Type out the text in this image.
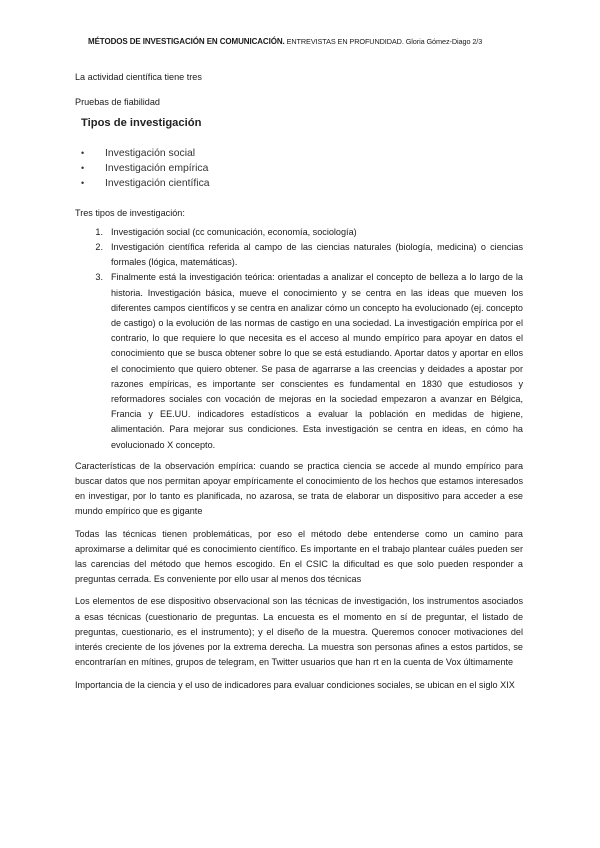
MÉTODOS DE INVESTIGACIÓN EN COMUNICACIÓN. ENTREVISTAS EN PROFUNDIDAD. Gloria Gómez-Diago 2/3

La actividad científica tiene tres

Pruebas de fiabilidad

Tipos de investigación
•	Investigación social
•	Investigación empírica
•	Investigación científica

Tres tipos de investigación:

1. Investigación social (cc comunicación, economía, sociología)
2. Investigación científica referida al campo de las ciencias naturales (biología, medicina) o ciencias formales (lógica, matemáticas).
3. Finalmente está la investigación teórica: orientadas a analizar el concepto de belleza a lo largo de la historia. Investigación básica, mueve el conocimiento y se centra en las ideas que mueven los diferentes campos científicos y se centra en analizar cómo un concepto ha evolucionado (ej. concepto de castigo) o la evolución de las normas de castigo en una sociedad. La investigación empírica por el contrario, lo que requiere lo que necesita es el acceso al mundo empírico para apoyar en datos el conocimiento que se busca obtener sobre lo que se está estudiando. Aportar datos y aportar en ellos el conocimiento que quiero obtener. Se pasa de agarrarse a las creencias y deidades a apostar por razones empíricas, es importante ser conscientes es fundamental en 1830 que estudiosos y reformadores sociales con vocación de mejoras en la sociedad empezaron a avanzar en Bélgica, Francia y EE.UU. indicadores estadísticos a evaluar la población en medidas de higiene, alimentación. Para mejorar sus condiciones. Esta investigación se centra en ideas, en cómo ha evolucionado X concepto.

Características de la observación empírica: cuando se practica ciencia se accede al mundo empírico para buscar datos que nos permitan apoyar empíricamente el conocimiento de los hechos que estamos interesados en investigar, por lo tanto es planificada, no azarosa, se trata de elaborar un dispositivo para acceder a ese mundo empírico que es gigante

Todas las técnicas tienen problemáticas, por eso el método debe entenderse como un camino para aproximarse a delimitar qué es conocimiento científico. Es importante en el trabajo plantear cuáles pueden ser las carencias del método que hemos escogido. En el CSIC la dificultad es que solo pueden responder a preguntas cerrada. Es conveniente por ello usar al menos dos técnicas

Los elementos de ese dispositivo observacional son las técnicas de investigación, los instrumentos asociados a esas técnicas (cuestionario de preguntas. La encuesta es el momento en sí de preguntar, el listado de preguntas, cuestionario, es el instrumento); y el diseño de la muestra. Queremos conocer motivaciones del interés creciente de los jóvenes por la extrema derecha. La muestra son personas afines a estos partidos, se encontrarían en mítines, grupos de telegram, en Twitter usuarios que han rt en la cuenta de Vox últimamente

Importancia de la ciencia y el uso de indicadores para evaluar condiciones sociales, se ubican en el siglo XIX
